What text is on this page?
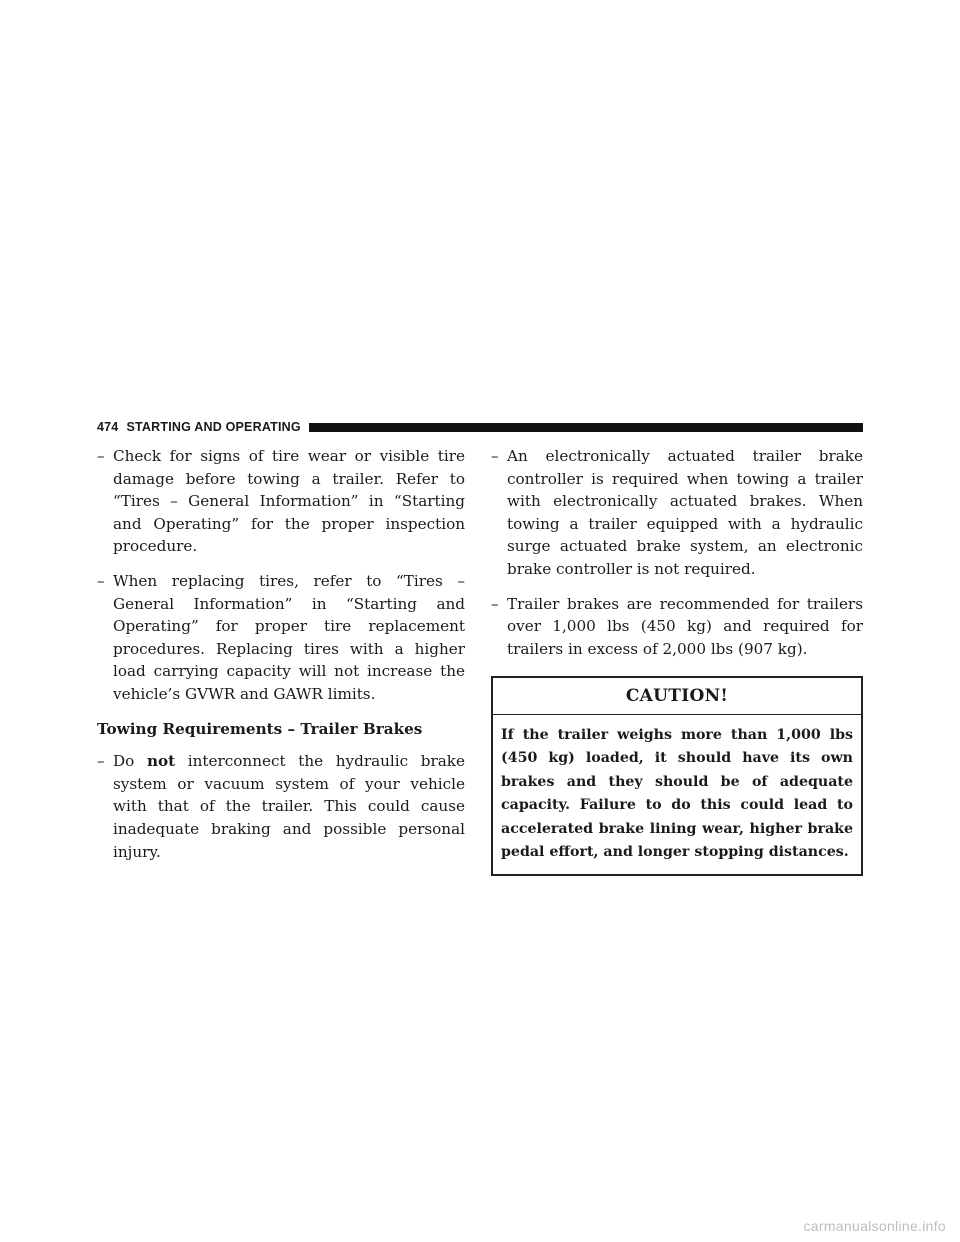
474 STARTING AND OPERATING

– Check for signs of tire wear or visible tire damage before towing a trailer. Refer to “Tires – General Information” in “Starting and Operating” for the proper inspection procedure.

– When replacing tires, refer to “Tires – General Information” in “Starting and Operating” for proper tire replacement procedures. Replacing tires with a higher load carrying capacity will not increase the vehicle’s GVWR and GAWR limits.

Towing Requirements – Trailer Brakes

– Do not interconnect the hydraulic brake system or vacuum system of your vehicle with that of the trailer. This could cause inadequate braking and possible personal injury.

– An electronically actuated trailer brake controller is required when towing a trailer with electronically actuated brakes. When towing a trailer equipped with a hydraulic surge actuated brake system, an electronic brake controller is not required.

– Trailer brakes are recommended for trailers over 1,000 lbs (450 kg) and required for trailers in excess of 2,000 lbs (907 kg).

CAUTION!
If the trailer weighs more than 1,000 lbs (450 kg) loaded, it should have its own brakes and they should be of adequate capacity. Failure to do this could lead to accelerated brake lining wear, higher brake pedal effort, and longer stopping distances.
carmanualsonline.info
